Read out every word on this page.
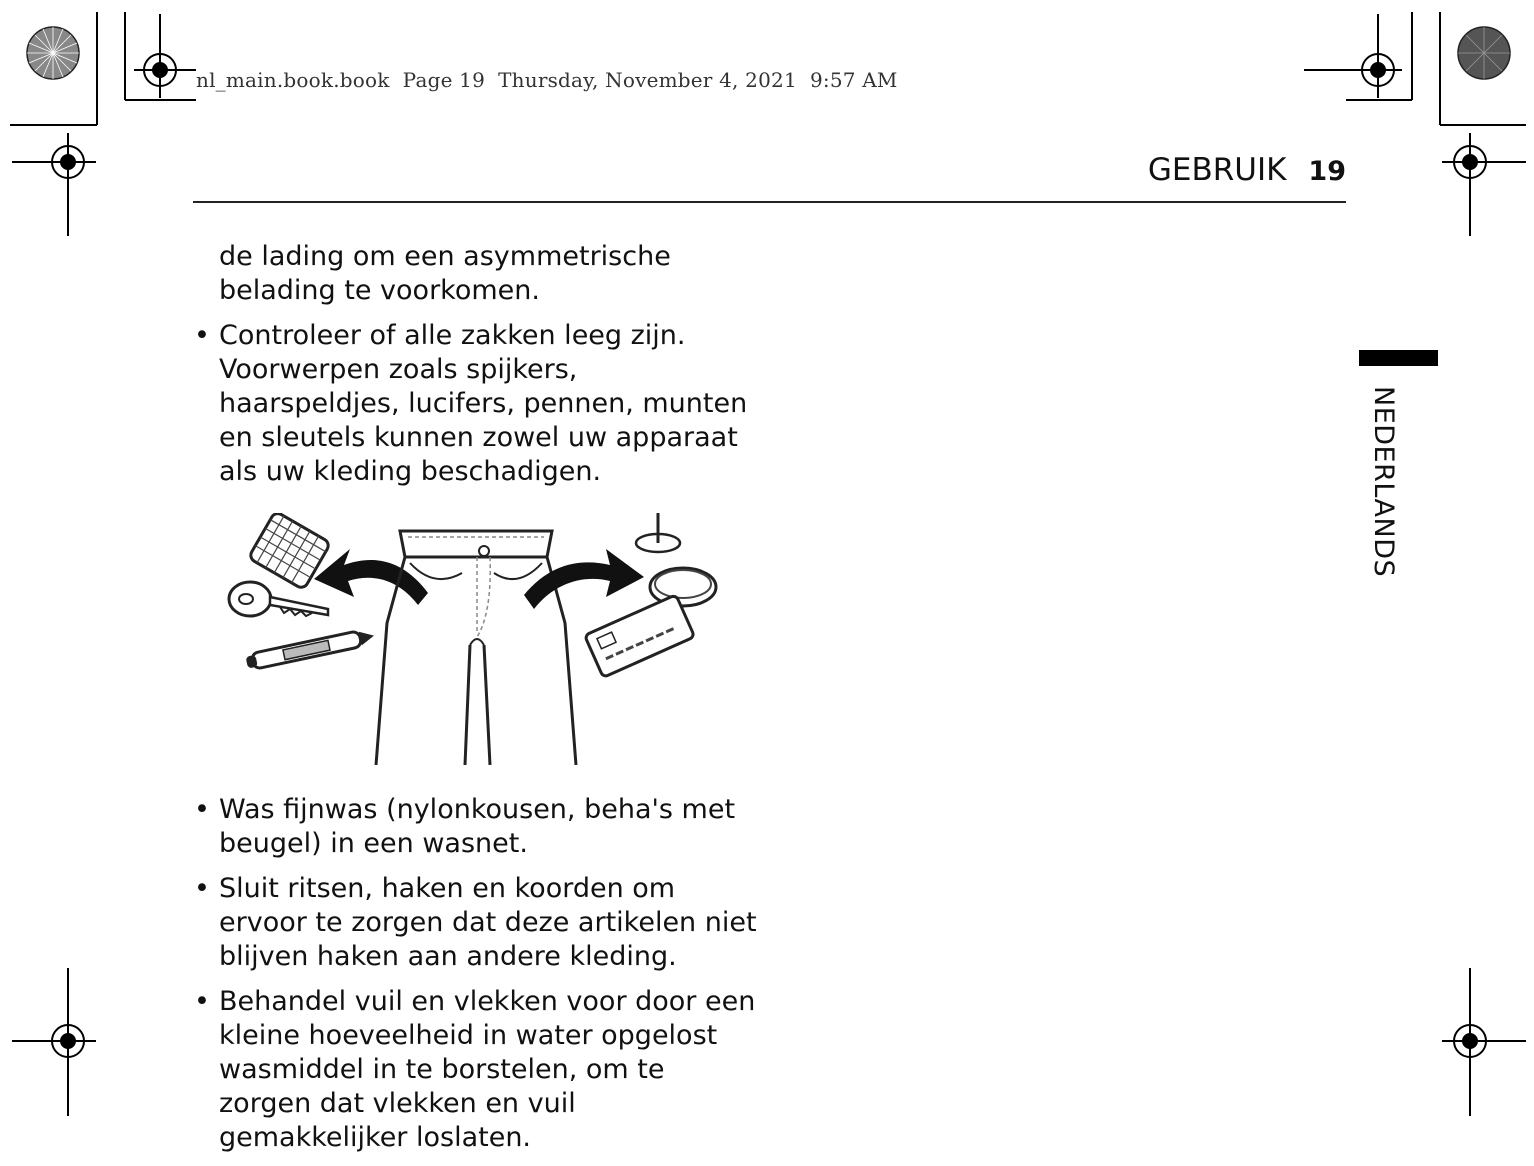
nl_main.book.book  Page 19  Thursday, November 4, 2021  9:57 AM
GEBRUIK 19
NEDERLANDS

de lading om een asymmetrische belading te voorkomen.

• Controleer of alle zakken leeg zijn. Voorwerpen zoals spijkers, haarspeldjes, lucifers, pennen, munten en sleutels kunnen zowel uw apparaat als uw kleding beschadigen.
• Was fijnwas (nylonkousen, beha's met beugel) in een wasnet.
• Sluit ritsen, haken en koorden om ervoor te zorgen dat deze artikelen niet blijven haken aan andere kleding.
• Behandel vuil en vlekken voor door een kleine hoeveelheid in water opgelost wasmiddel in te borstelen, om te zorgen dat vlekken en vuil gemakkelijker loslaten.
